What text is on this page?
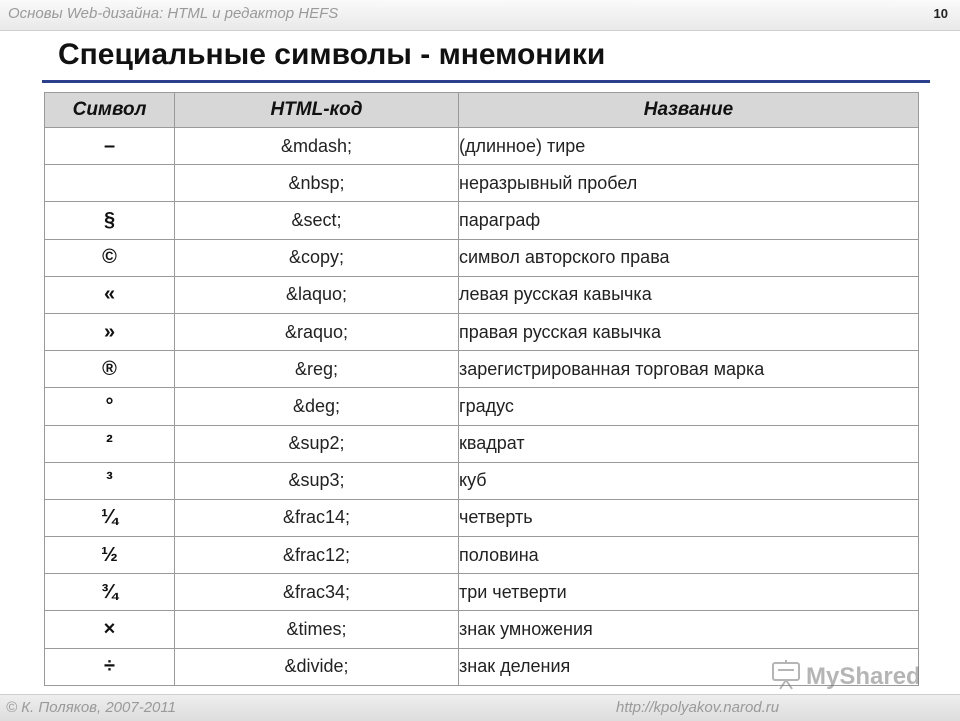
Основы Web-дизайна: HTML и редактор HEFS	10
Специальные символы - мнемоники
Символ	HTML-код	Название
–	&mdash;	(длинное) тире
	&nbsp;	неразрывный пробел
§	&sect;	параграф
©	&copy;	символ авторского права
«	&laquo;	левая русская кавычка
»	&raquo;	правая русская кавычка
®	&reg;	зарегистрированная торговая марка
°	&deg;	градус
²	&sup2;	квадрат
³	&sup3;	куб
¼	&frac14;	четверть
½	&frac12;	половина
¾	&frac34;	три четверти
×	&times;	знак умножения
÷	&divide;	знак деления
© К. Поляков, 2007-2011	http://kpolyakov.narod.ru
MyShared
